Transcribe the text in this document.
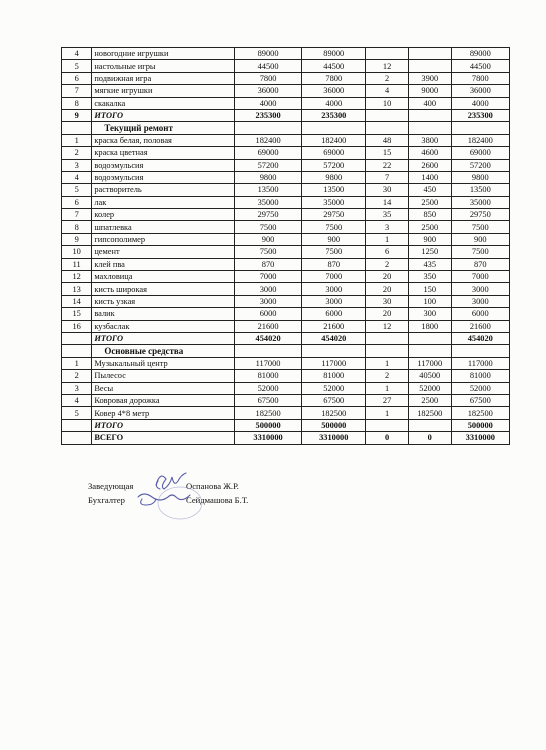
4	новогодние игрушки	89000	89000			89000
5	настольные игры	44500	44500	12		44500
6	подвижная игра	7800	7800	2	3900	7800
7	мягкие игрушки	36000	36000	4	9000	36000
8	скакалка	4000	4000	10	400	4000
9	ИТОГО	235300	235300			235300
	Текущий ремонт					
1	краска белая, половая	182400	182400	48	3800	182400
2	краска цветная	69000	69000	15	4600	69000
3	водоэмульсия	57200	57200	22	2600	57200
4	водоэмульсия	9800	9800	7	1400	9800
5	растворитель	13500	13500	30	450	13500
6	лак	35000	35000	14	2500	35000
7	колер	29750	29750	35	850	29750
8	шпатлевка	7500	7500	3	2500	7500
9	гипсополимер	900	900	1	900	900
10	цемент	7500	7500	6	1250	7500
11	клей пва	870	870	2	435	870
12	махловица	7000	7000	20	350	7000
13	кисть широкая	3000	3000	20	150	3000
14	кисть узкая	3000	3000	30	100	3000
15	валик	6000	6000	20	300	6000
16	кузбаслак	21600	21600	12	1800	21600
	ИТОГО	454020	454020			454020
	Основные средства					
1	Музыкальный центр	117000	117000	1	117000	117000
2	Пылесос	81000	81000	2	40500	81000
3	Весы	52000	52000	1	52000	52000
4	Ковровая дорожка	67500	67500	27	2500	67500
5	Ковер 4*8 метр	182500	182500	1	182500	182500
	ИТОГО	500000	500000			500000
	ВСЕГО	3310000	3310000	0	0	3310000
Заведующая	Оспанова Ж.Р.
Бухгалтер	Сейдмашова Б.Т.
